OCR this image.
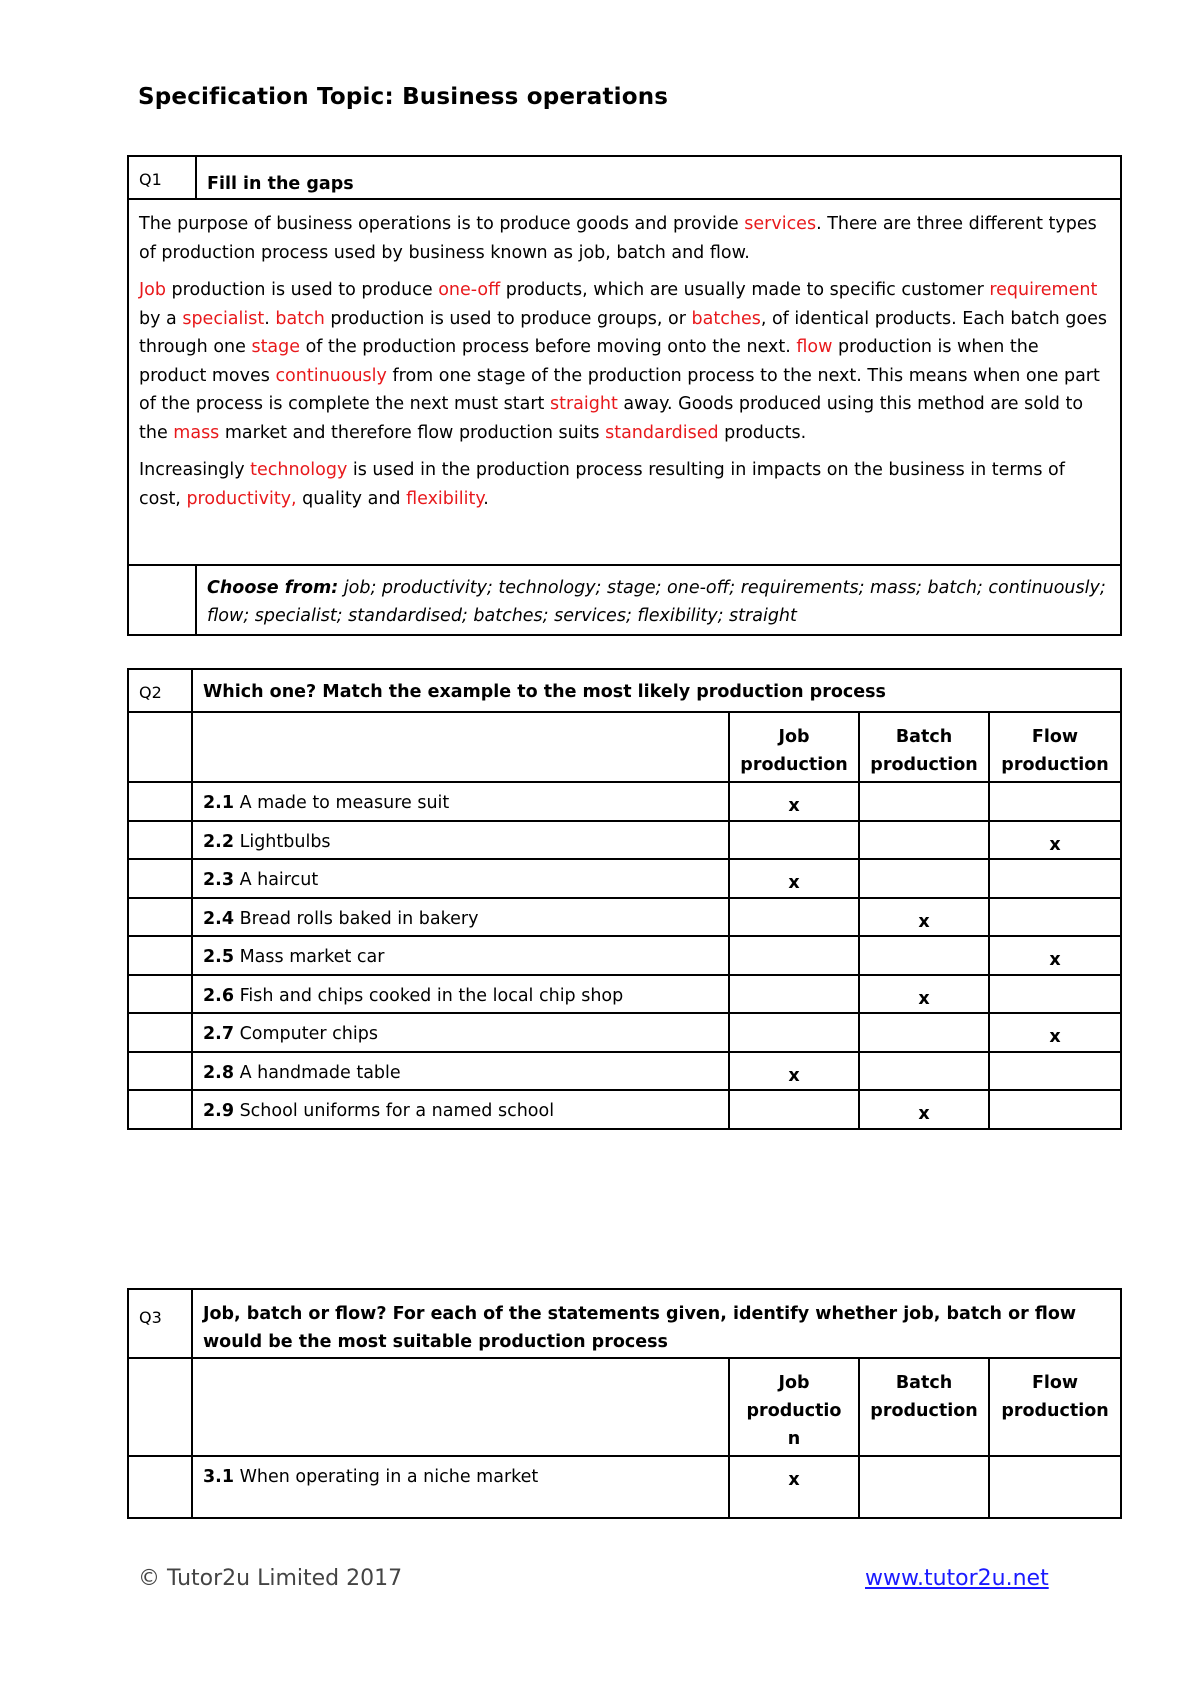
Specification Topic: Business operations
Q1	Fill in the gaps

The purpose of business operations is to produce goods and provide services. There are three different types of production process used by business known as job, batch and flow.

Job production is used to produce one-off products, which are usually made to specific customer requirement by a specialist. batch production is used to produce groups, or batches, of identical products. Each batch goes through one stage of the production process before moving onto the next. flow production is when the product moves continuously from one stage of the production process to the next. This means when one part of the process is complete the next must start straight away. Goods produced using this method are sold to the mass market and therefore flow production suits standardised products.

Increasingly technology is used in the production process resulting in impacts on the business in terms of cost, productivity, quality and flexibility.	

	Choose from: job; productivity; technology; stage; one-off; requirements; mass; batch; continuously; flow; specialist; standardised; batches; services; flexibility; straight
Q2	Which one? Match the example to the most likely production process			
		Job production	Batch production	Flow production
	2.1 A made to measure suit	x		
	2.2 Lightbulbs			x
	2.3 A haircut	x		
	2.4 Bread rolls baked in bakery		x	
	2.5 Mass market car			x
	2.6 Fish and chips cooked in the local chip shop		x	
	2.7 Computer chips			x
	2.8 A handmade table	x		
	2.9 School uniforms for a named school		x	
Q3	Job, batch or flow? For each of the statements given, identify whether job, batch or flow would be the most suitable production process			
		Job productio n	Batch production	Flow production
	3.1 When operating in a niche market	x		
© Tutor2u Limited 2017	www.tutor2u.net
